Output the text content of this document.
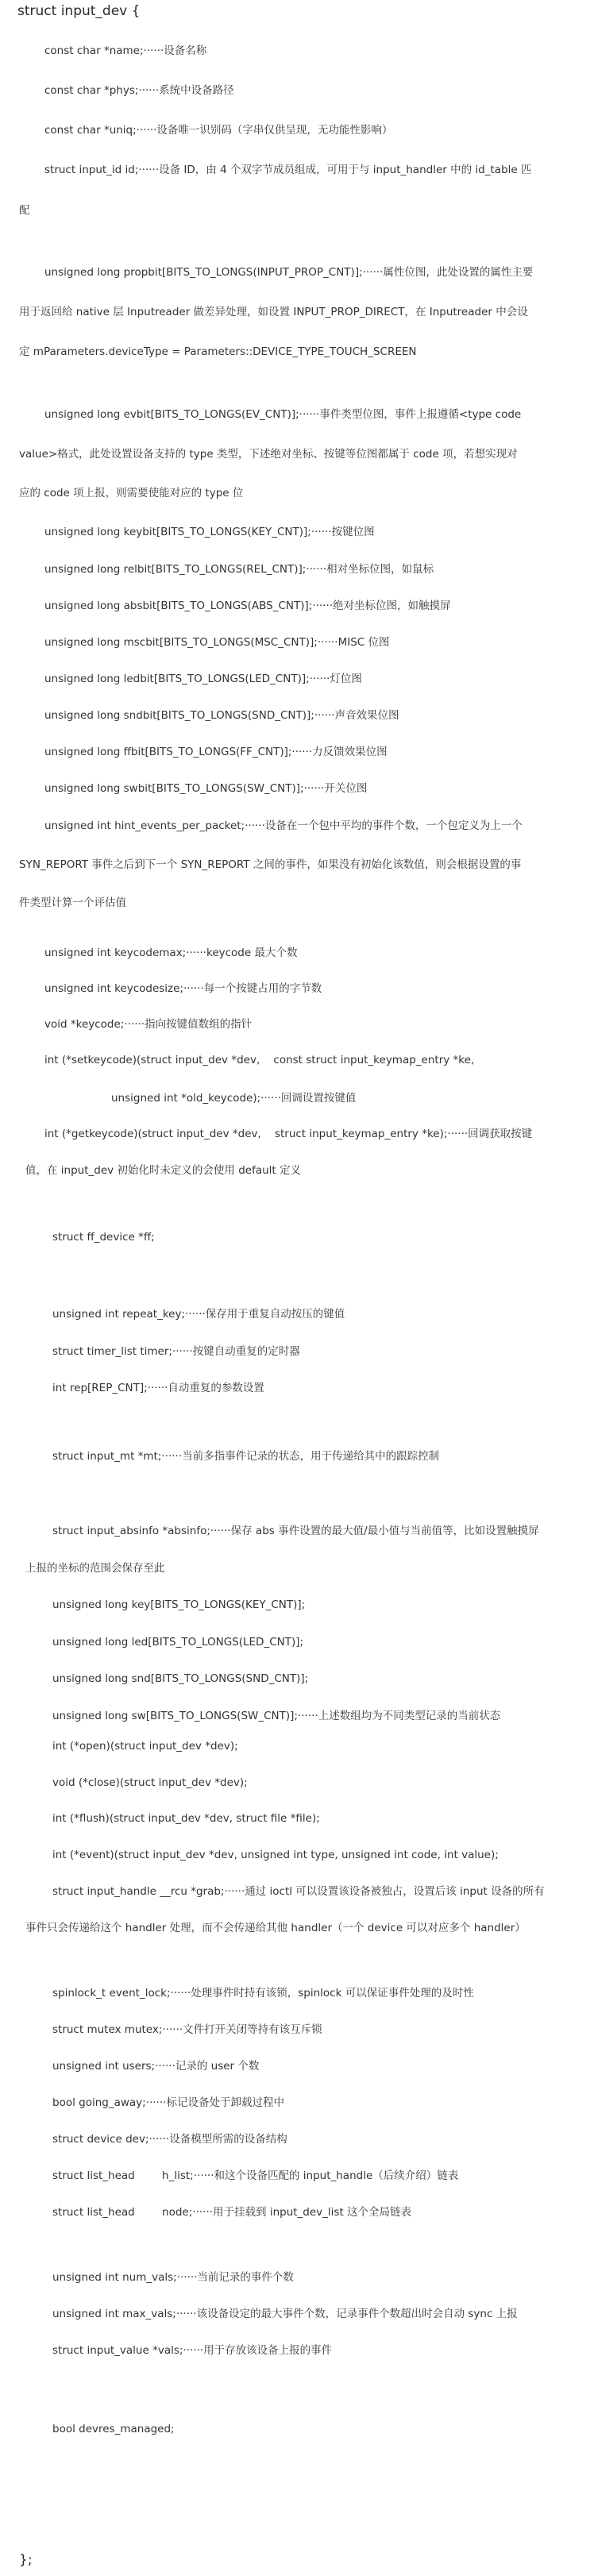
struct input_dev {

const char *name;······设备名称

const char *phys;······系统中设备路径

const char *uniq;······设备唯一识别码（字串仅供呈现，无功能性影响）

struct input_id id;······设备 ID，由 4 个双字节成员组成，可用于与 input_handler 中的 id_table 匹

配

unsigned long propbit[BITS_TO_LONGS(INPUT_PROP_CNT)];······属性位图，此处设置的属性主要

用于返回给 native 层 Inputreader 做差异处理，如设置 INPUT_PROP_DIRECT，在 Inputreader 中会设

定 mParameters.deviceType = Parameters::DEVICE_TYPE_TOUCH_SCREEN

unsigned long evbit[BITS_TO_LONGS(EV_CNT)];······事件类型位图，事件上报遵循<type code

value>格式，此处设置设备支持的 type 类型，下述绝对坐标、按键等位图都属于 code 项，若想实现对

应的 code 项上报，则需要使能对应的 type 位

unsigned long keybit[BITS_TO_LONGS(KEY_CNT)];······按键位图

unsigned long relbit[BITS_TO_LONGS(REL_CNT)];······相对坐标位图，如鼠标

unsigned long absbit[BITS_TO_LONGS(ABS_CNT)];······绝对坐标位图，如触摸屏

unsigned long mscbit[BITS_TO_LONGS(MSC_CNT)];······MISC 位图

unsigned long ledbit[BITS_TO_LONGS(LED_CNT)];······灯位图

unsigned long sndbit[BITS_TO_LONGS(SND_CNT)];······声音效果位图

unsigned long ffbit[BITS_TO_LONGS(FF_CNT)];······力反馈效果位图

unsigned long swbit[BITS_TO_LONGS(SW_CNT)];······开关位图

unsigned int hint_events_per_packet;······设备在一个包中平均的事件个数，一个包定义为上一个

SYN_REPORT 事件之后到下一个 SYN_REPORT 之间的事件，如果没有初始化该数值，则会根据设置的事

件类型计算一个评估值

unsigned int keycodemax;······keycode 最大个数

unsigned int keycodesize;······每一个按键占用的字节数

void *keycode;······指向按键值数组的指针

int (*setkeycode)(struct input_dev *dev,    const struct input_keymap_entry *ke,

unsigned int *old_keycode);······回调设置按键值

int (*getkeycode)(struct input_dev *dev,    struct input_keymap_entry *ke);······回调获取按键

值，在 input_dev 初始化时未定义的会使用 default 定义

struct ff_device *ff;

unsigned int repeat_key;······保存用于重复自动按压的键值

struct timer_list timer;······按键自动重复的定时器

int rep[REP_CNT];······自动重复的参数设置

struct input_mt *mt;······当前多指事件记录的状态，用于传递给其中的跟踪控制

struct input_absinfo *absinfo;······保存 abs 事件设置的最大值/最小值与当前值等，比如设置触摸屏

上报的坐标的范围会保存至此

unsigned long key[BITS_TO_LONGS(KEY_CNT)];

unsigned long led[BITS_TO_LONGS(LED_CNT)];

unsigned long snd[BITS_TO_LONGS(SND_CNT)];

unsigned long sw[BITS_TO_LONGS(SW_CNT)];······上述数组均为不同类型记录的当前状态

int (*open)(struct input_dev *dev);

void (*close)(struct input_dev *dev);

int (*flush)(struct input_dev *dev, struct file *file);

int (*event)(struct input_dev *dev, unsigned int type, unsigned int code, int value);

struct input_handle __rcu *grab;······通过 ioctl 可以设置该设备被独占，设置后该 input 设备的所有

事件只会传递给这个 handler 处理，而不会传递给其他 handler（一个 device 可以对应多个 handler）

spinlock_t event_lock;······处理事件时持有该锁，spinlock 可以保证事件处理的及时性

struct mutex mutex;······文件打开关闭等持有该互斥锁

unsigned int users;······记录的 user 个数

bool going_away;······标记设备处于卸载过程中

struct device dev;······设备模型所需的设备结构

struct list_head        h_list;······和这个设备匹配的 input_handle（后续介绍）链表

struct list_head        node;······用于挂载到 input_dev_list 这个全局链表

unsigned int num_vals;······当前记录的事件个数

unsigned int max_vals;······该设备设定的最大事件个数，记录事件个数超出时会自动 sync 上报

struct input_value *vals;······用于存放该设备上报的事件

bool devres_managed;

};
